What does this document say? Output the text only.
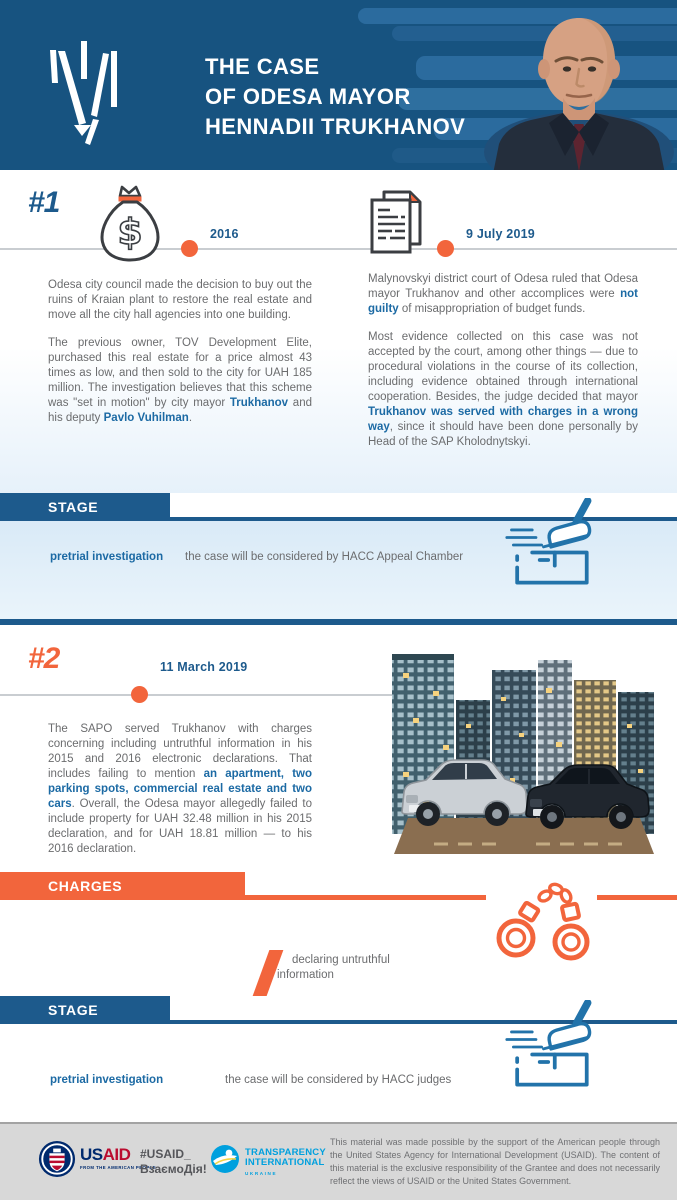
THE CASE
OF ODESA MAYOR
HENNADII TRUKHANOV
#1
$	2016	9 July 2019

Odesa city council made the decision to buy out the ruins of Kraian plant to restore the real estate and move all the city hall agencies into one building.

The previous owner, TOV Development Elite, purchased this real estate for a price almost 43 times as low, and then sold to the city for UAH 185 million. The investigation believes that this scheme was "set in motion" by city mayor Trukhanov and his deputy Pavlo Vuhilman.

Malynovskyi district court of Odesa ruled that Odesa mayor Trukhanov and other accomplices were not guilty of misappropriation of budget funds.

Most evidence collected on this case was not accepted by the court, among other things — due to procedural violations in the course of its collection, including evidence obtained through international cooperation. Besides, the judge decided that mayor Trukhanov was served with charges in a wrong way, since it should have been done personally by Head of the SAP Kholodnytskyi.

STAGE
pretrial investigation the case will be considered by HACC Appeal Chamber
#2	11 March 2019

The SAPO served Trukhanov with charges concerning including untruthful information in his 2015 and 2016 electronic declarations. That includes failing to mention an apartment, two parking spots, commercial real estate and two cars. Overall, the Odesa mayor allegedly failed to include property for UAH 32.48 million in his 2015 declaration, and for UAH 18.81 million — to his 2016 declaration.

CHARGES
declaring untruthful information
STAGE
pretrial investigation	the case will be considered by HACC judges
USAID
FROM THE AMERICAN PEOPLE
#USAID_
ВзаємоДія!
TRANSPARENCY
INTERNATIONAL
UKRAINE
This material was made possible by the support of the American people through the United States Agency for International Development (USAID). The content of this material is the exclusive responsibility of the Grantee and does not necessarily reflect the views of USAID or the United States Government.
